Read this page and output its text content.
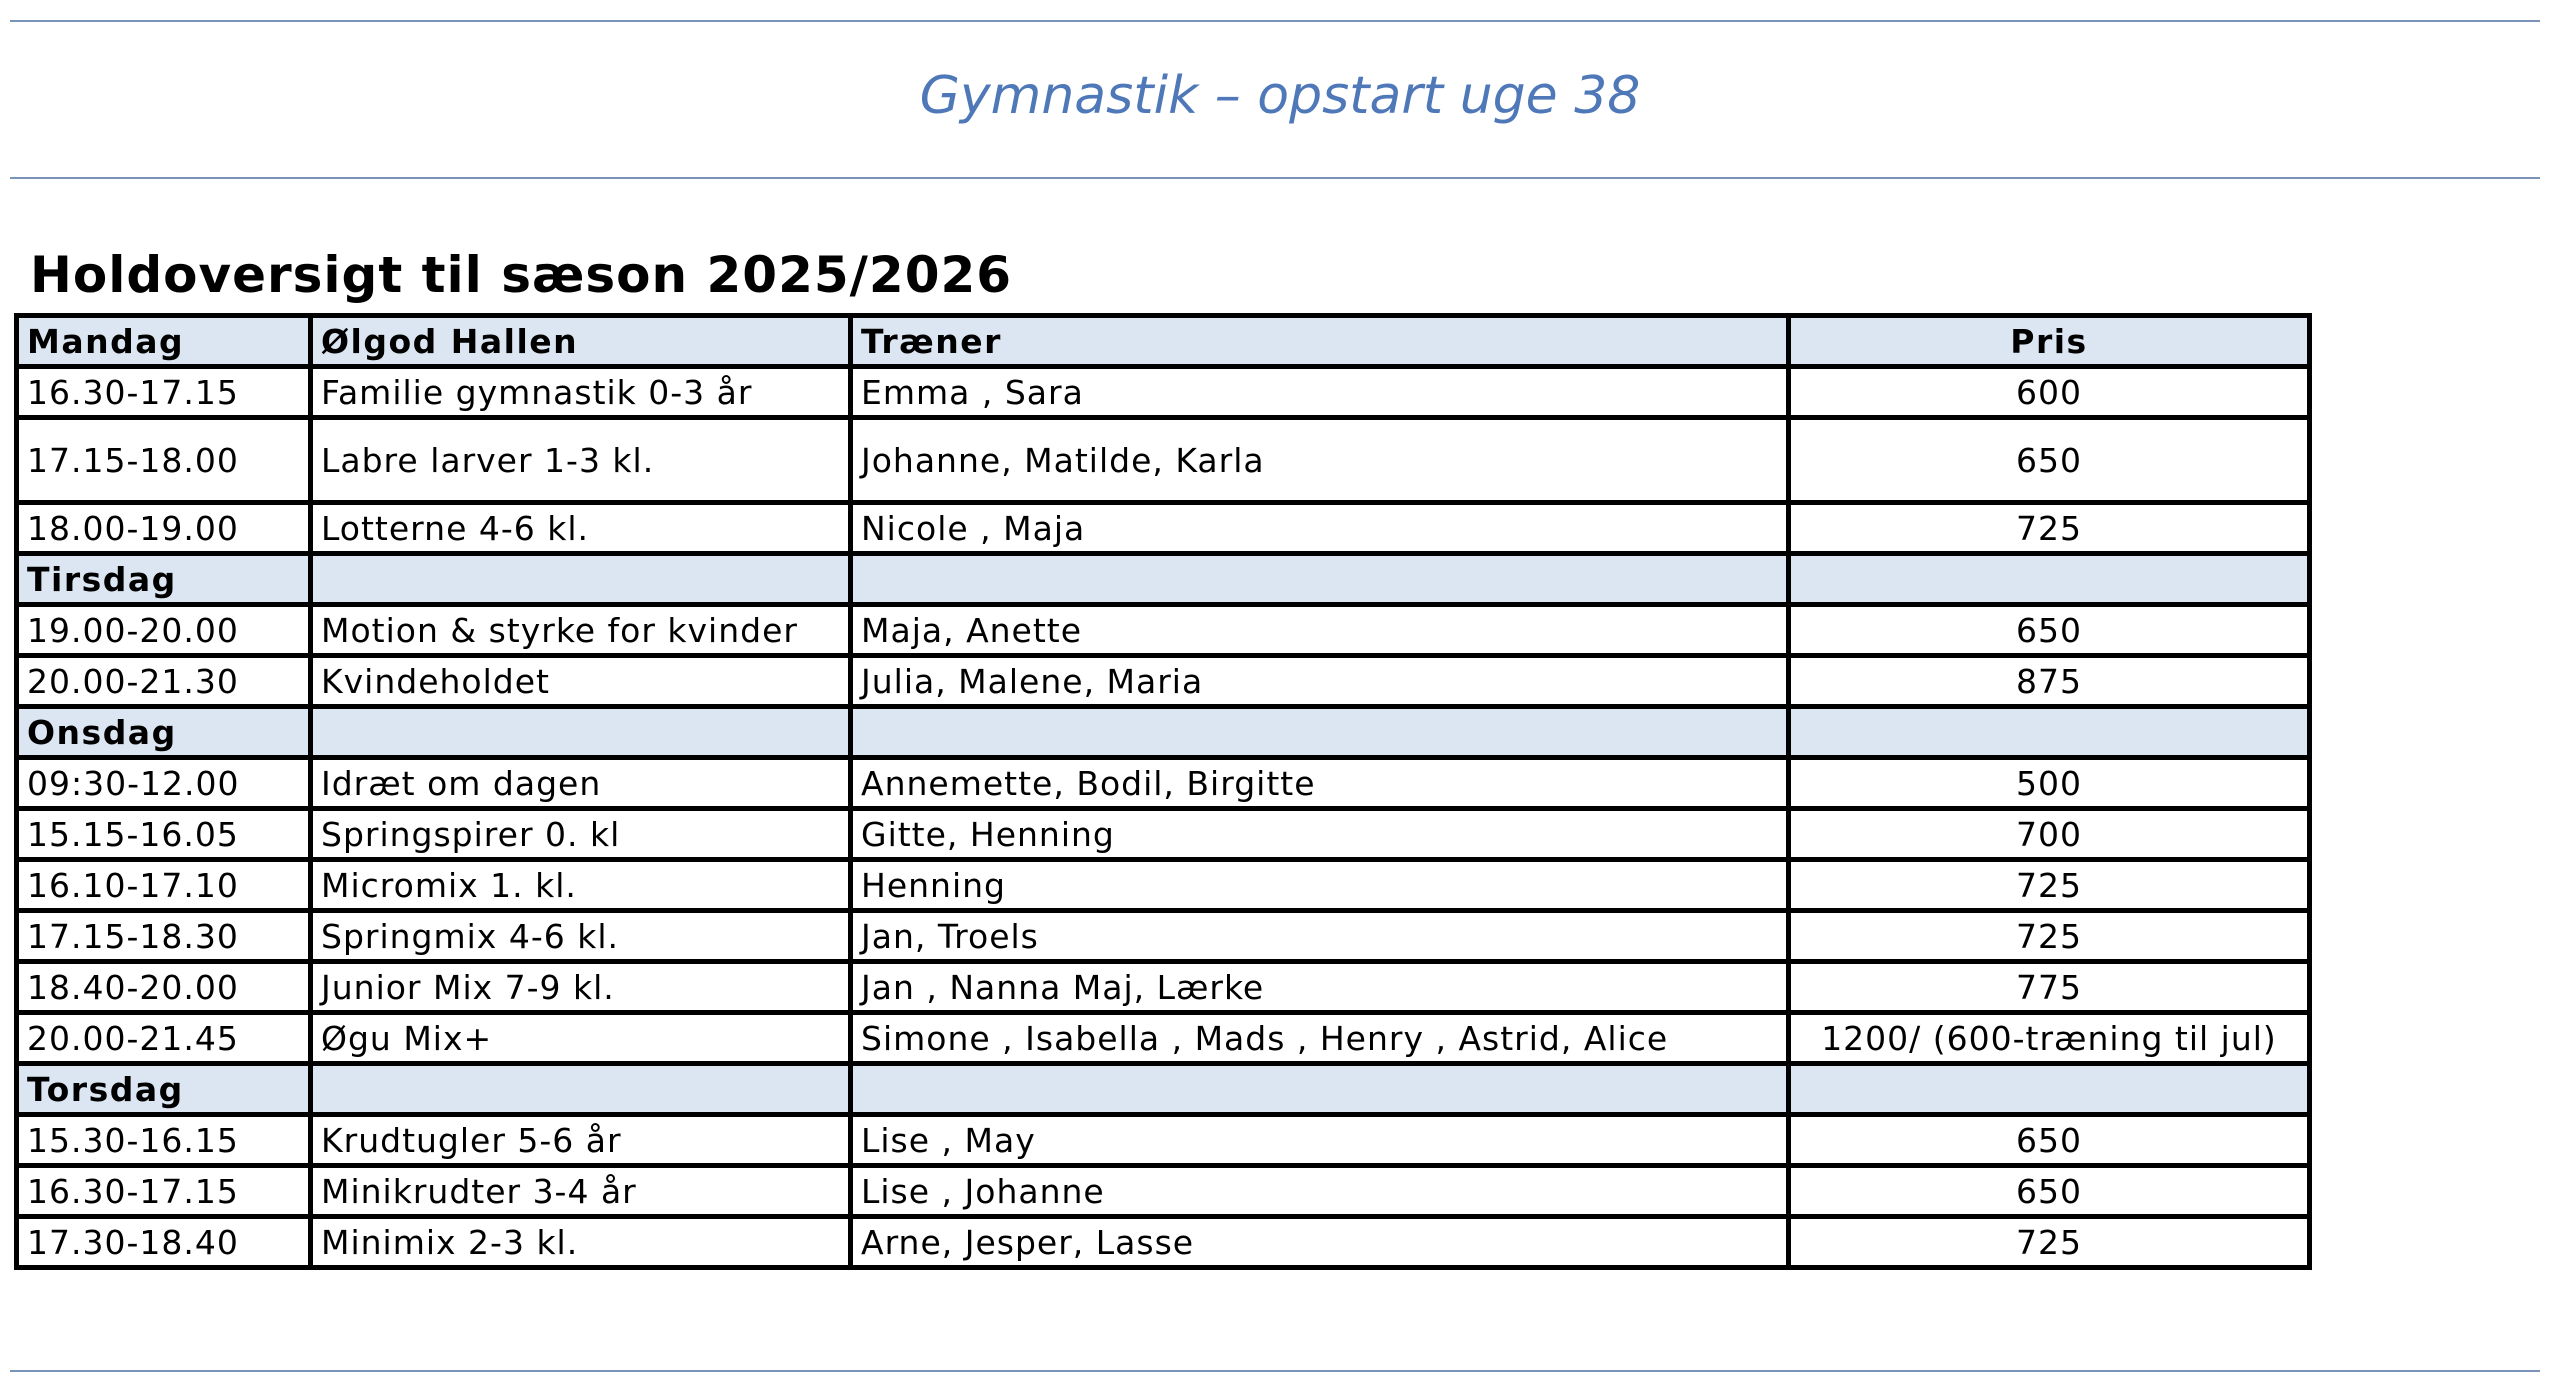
Gymnastik – opstart uge 38
Holdoversigt til sæson 2025/2026
Mandag	Ølgod Hallen	Træner	Pris
16.30-17.15	Familie gymnastik 0-3 år	Emma , Sara	600
17.15-18.00	Labre larver 1-3 kl.	Johanne, Matilde, Karla	650
18.00-19.00	Lotterne 4-6 kl.	Nicole , Maja	725
Tirsdag			
19.00-20.00	Motion & styrke for kvinder	Maja, Anette	650
20.00-21.30	Kvindeholdet	Julia, Malene, Maria	875
Onsdag			
09:30-12.00	Idræt om dagen	Annemette, Bodil, Birgitte	500
15.15-16.05	Springspirer 0. kl	Gitte, Henning	700
16.10-17.10	Micromix 1. kl.	Henning	725
17.15-18.30	Springmix 4-6 kl.	Jan, Troels	725
18.40-20.00	Junior Mix 7-9 kl.	Jan , Nanna Maj, Lærke	775
20.00-21.45	Øgu Mix+	Simone , Isabella , Mads , Henry , Astrid, Alice	1200/ (600-træning til jul)
Torsdag			
15.30-16.15	Krudtugler 5-6 år	Lise , May	650
16.30-17.15	Minikrudter 3-4 år	Lise , Johanne	650
17.30-18.40	Minimix 2-3 kl.	Arne, Jesper, Lasse	725
